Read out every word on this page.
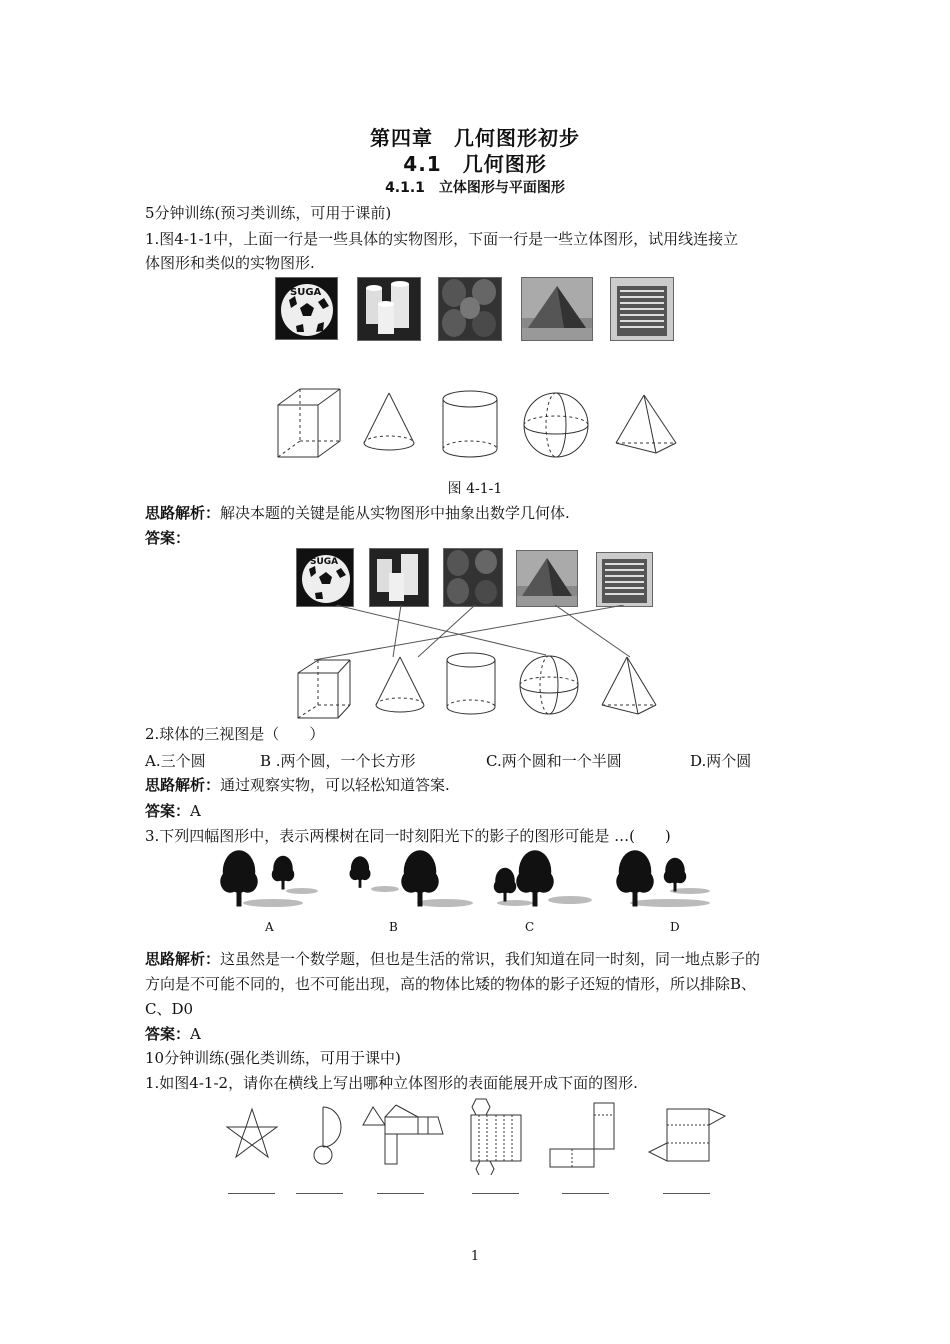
第四章　几何图形初步
4.1　几何图形
4.1.1　立体图形与平面图形
5分钟训练(预习类训练，可用于课前)
1.图4-1-1中，上面一行是一些具体的实物图形，下面一行是一些立体图形，试用线连接立
体图形和类似的实物图形.
SUGA
图 4-1-1
思路解析：解决本题的关键是能从实物图形中抽象出数学几何体.
答案：
SUGA
2.球体的三视图是（　　）
A.三个圆	B .两个圆，一个长方形	C.两个圆和一个半圆	D.两个圆
思路解析：通过观察实物，可以轻松知道答案.
答案：A
3.下列四幅图形中，表示两棵树在同一时刻阳光下的影子的图形可能是 …(　　)
A	B	C	D
思路解析：这虽然是一个数学题，但也是生活的常识，我们知道在同一时刻，同一地点影子的
方向是不可能不同的，也不可能出现，高的物体比矮的物体的影子还短的情形，所以排除B、
C、D0
答案：A
10分钟训练(强化类训练，可用于课中)
1.如图4-1-2，请你在横线上写出哪种立体图形的表面能展开成下面的图形.
1
